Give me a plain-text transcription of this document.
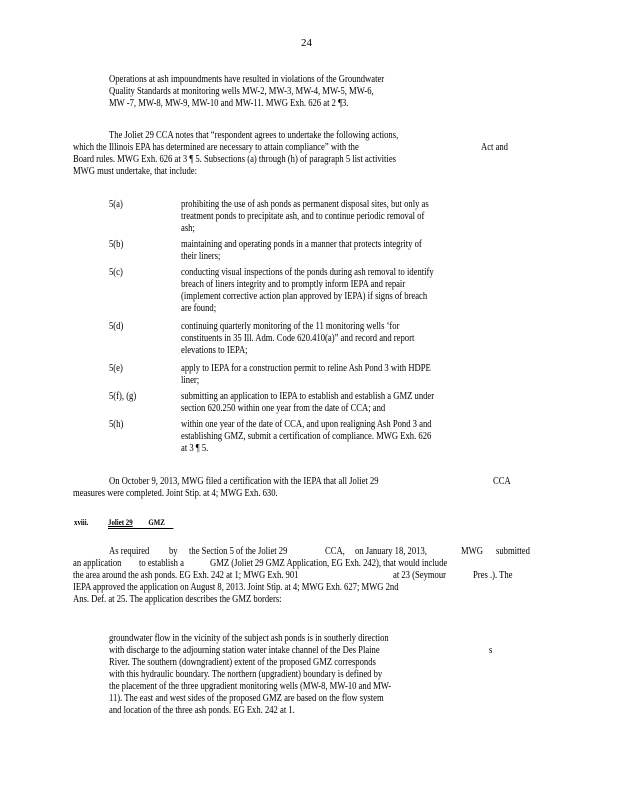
24
Operations at ash impoundments have resulted in violations of the Groundwater
Quality Standards at monitoring wells MW-2, MW-3, MW-4, MW-5, MW-6,
MW -7, MW-8, MW-9, MW-10 and MW-11. MWG Exh. 626 at 2 ¶3.
The Joliet 29 CCA notes that “respondent agrees to undertake the following actions,
which the Illinois EPA has determined are necessary to attain compliance” with the	Act and
Board rules. MWG Exh. 626 at 3 ¶ 5. Subsections (a) through (h) of paragraph 5 list activities
MWG must undertake, that include:
5(a)	prohibiting the use of ash ponds as permanent disposal sites, but only as
treatment ponds to precipitate ash, and to continue periodic removal of
ash;
5(b)	maintaining and operating ponds in a manner that protects integrity of
their liners;
5(c)	conducting visual inspections of the ponds during ash removal to identify
breach of liners integrity and to promptly inform IEPA and repair
(implement corrective action plan approved by IEPA) if signs of breach
are found;
5(d)	continuing quarterly monitoring of the 11 monitoring wells ‘for
constituents in 35 Ill. Adm. Code 620.410(a)” and record and report
elevations to IEPA;
5(e)	apply to IEPA for a construction permit to reline Ash Pond 3 with HDPE
liner;
5(f), (g)	submitting an application to IEPA to establish and establish a GMZ under
section 620.250 within one year from the date of CCA; and
5(h)	within one year of the date of CCA, and upon realigning Ash Pond 3 and
establishing GMZ, submit a certification of compliance. MWG Exh. 626
at 3 ¶ 5.
On October 9, 2013, MWG filed a certification with the IEPA that all Joliet 29	CCA
measures were completed. Joint Stip. at 4; MWG Exh. 630.
xviii. Joliet 29 GMZ
As required by the Section 5 of the Joliet 29	CCA, on January 18, 2013,	MWG submitted
an application to establish a	GMZ (Joliet 29 GMZ Application, EG Exh. 242), that would include
the area around the ash ponds. EG Exh. 242 at 1; MWG Exh. 901	at 23 (Seymour	Pres .). The
IEPA approved the application on August 8, 2013. Joint Stip. at 4; MWG Exh. 627; MWG 2nd
Ans. Def. at 25. The application describes the GMZ borders:
groundwater flow in the vicinity of the subject ash ponds is in southerly direction
with discharge to the adjourning station water intake channel of the Des Plaine
River. The southern (downgradient) extent of the proposed GMZ corresponds
with this hydraulic boundary. The northern (upgradient) boundary is defined by
the placement of the three upgradient monitoring wells (MW-8, MW-10 and MW-
11). The east and west sides of the proposed GMZ are based on the flow system
and location of the three ash ponds. EG Exh. 242 at 1.
s
